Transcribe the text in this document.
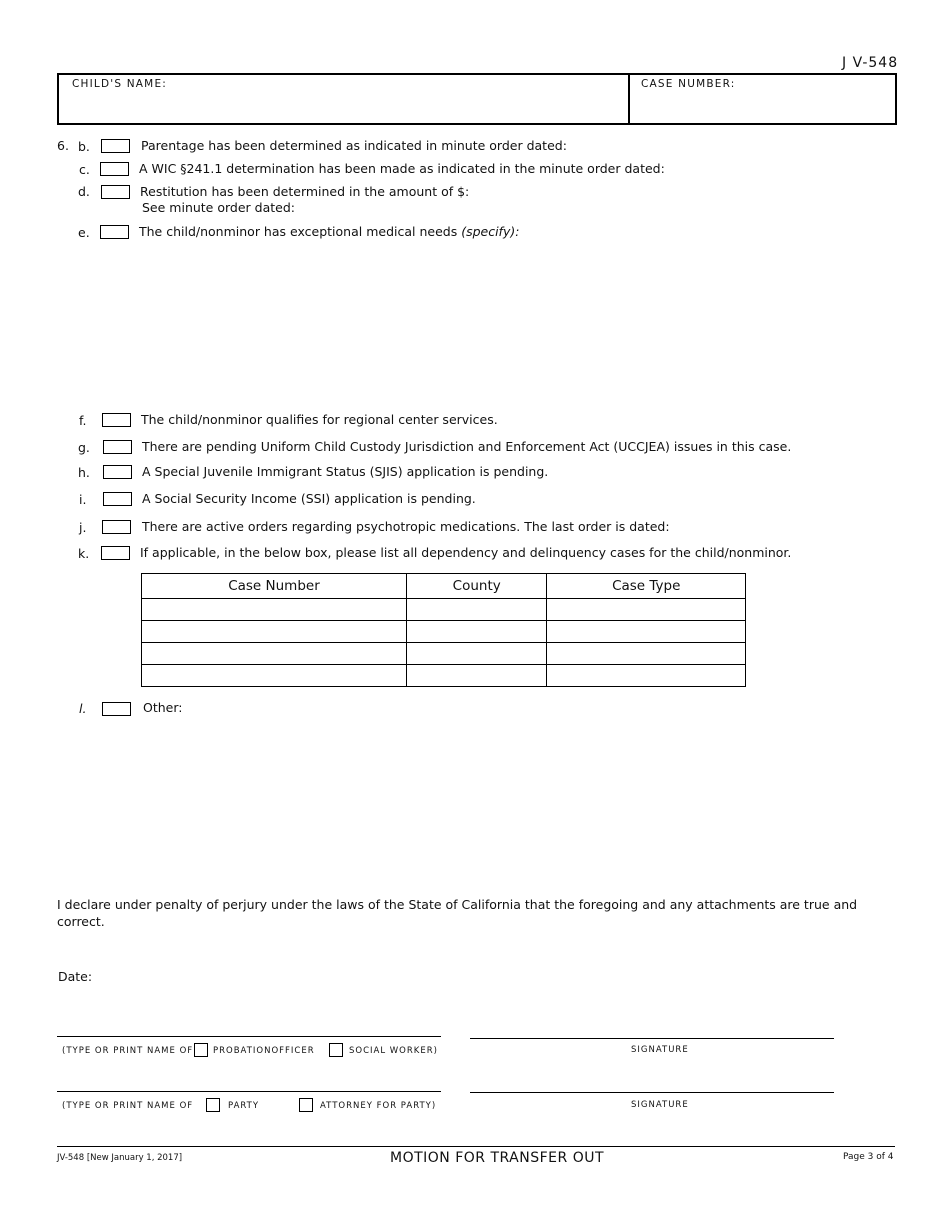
J V-548
CHILD'S NAME:	CASE NUMBER:
6. b.	Parentage has been determined as indicated in minute order dated:
c.	A WIC §241.1 determination has been made as indicated in the minute order dated:
d.	Restitution has been determined in the amount of $:
See minute order dated:
e.	The child/nonminor has exceptional medical needs (specify):
f.	The child/nonminor qualifies for regional center services.
g.	There are pending Uniform Child Custody Jurisdiction and Enforcement Act (UCCJEA) issues in this case.
h.	A Special Juvenile Immigrant Status (SJIS) application is pending.
i.	A Social Security Income (SSI) application is pending.
j.	There are active orders regarding psychotropic medications. The last order is dated:
k.	If applicable, in the below box, please list all dependency and delinquency cases for the child/nonminor.
Case Number	County	Case Type

l.	Other:
I declare under penalty of perjury under the laws of the State of California that the foregoing and any attachments are true and
correct.
Date:
(TYPE OR PRINT NAME OF PROBATIONOFFICER	SOCIAL WORKER)	SIGNATURE
(TYPE OR PRINT NAME OF	PARTY	ATTORNEY FOR PARTY)	SIGNATURE
JV-548 [New January 1, 2017]	MOTION FOR TRANSFER OUT	Page 3 of 4
